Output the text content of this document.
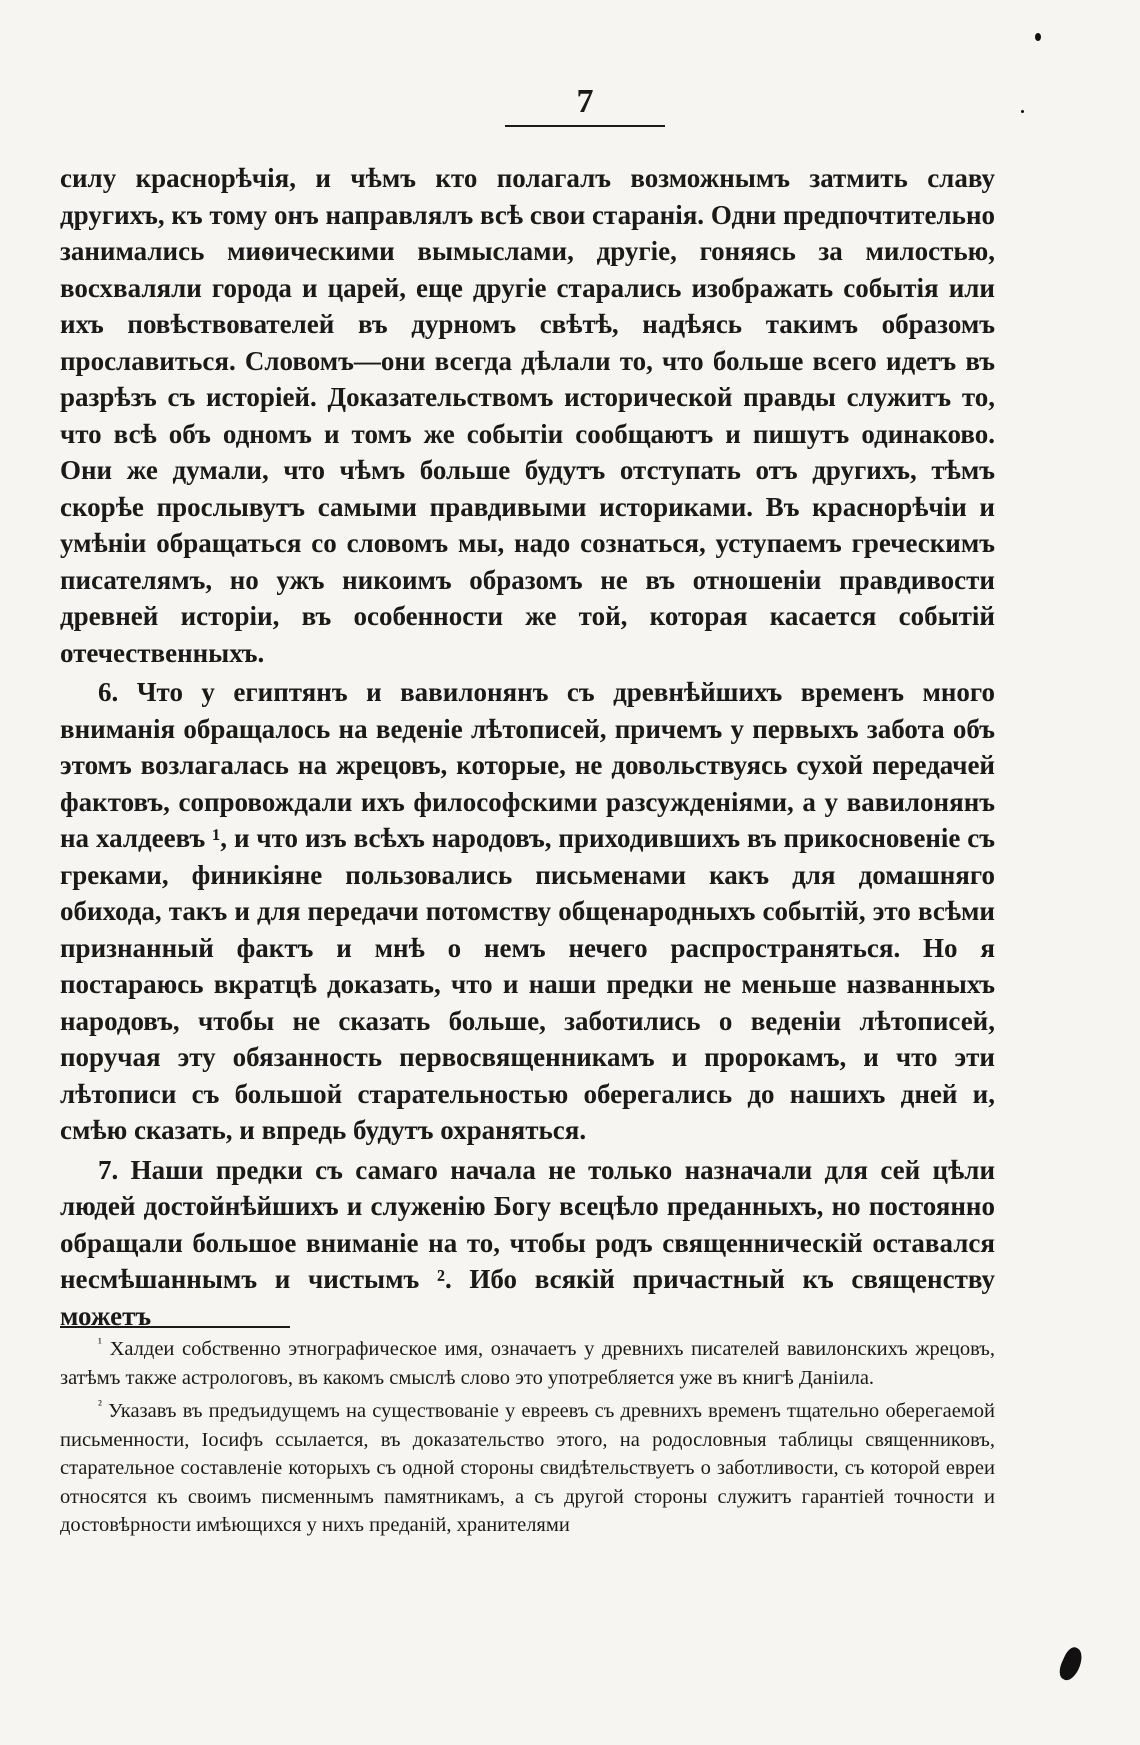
7

силу краснорѣчія, и чѣмъ кто полагалъ возможнымъ затмить славу другихъ, къ тому онъ направлялъ всѣ свои старанія. Одни предпочтительно занимались миѳическими вымыслами, другіе, гоняясь за милостью, восхваляли города и царей, еще другіе старались изображать событія или ихъ повѣствователей въ дурномъ свѣтѣ, надѣясь такимъ образомъ прославиться. Словомъ—они всегда дѣлали то, что больше всего идетъ въ разрѣзъ съ исторіей. Доказательствомъ исторической правды служитъ то, что всѣ объ одномъ и томъ же событіи сообщаютъ и пишутъ одинаково. Они же думали, что чѣмъ больше будутъ отступать отъ другихъ, тѣмъ скорѣе прослывутъ самыми правдивыми историками. Въ краснорѣчіи и умѣніи обращаться со словомъ мы, надо сознаться, уступаемъ греческимъ писателямъ, но ужъ никоимъ образомъ не въ отношеніи правдивости древней исторіи, въ особенности же той, которая касается событій отечественныхъ.

6. Что у египтянъ и вавилонянъ съ древнѣйшихъ временъ много вниманія обращалось на веденіе лѣтописей, причемъ у первыхъ забота объ этомъ возлагалась на жрецовъ, которые, не довольствуясь сухой передачей фактовъ, сопровождали ихъ философскими разсужденіями, а у вавилонянъ на халдеевъ ¹, и что изъ всѣхъ народовъ, приходившихъ въ прикосновеніе съ греками, финикіяне пользовались письменами какъ для домашняго обихода, такъ и для передачи потомству общенародныхъ событій, это всѣми признанный фактъ и мнѣ о немъ нечего распространяться. Но я постараюсь вкратцѣ доказать, что и наши предки не меньше названныхъ народовъ, чтобы не сказать больше, заботились о веденіи лѣтописей, поручая эту обязанность первосвященникамъ и пророкамъ, и что эти лѣтописи съ большой старательностью оберегались до нашихъ дней и, смѣю сказать, и впредь будутъ охраняться.

7. Наши предки съ самаго начала не только назначали для сей цѣли людей достойнѣйшихъ и служенію Богу всецѣло преданныхъ, но постоянно обращали большое вниманіе на то, чтобы родъ священническій оставался несмѣшаннымъ и чистымъ ². Ибо всякій причастный къ священству можетъ

$^{^1}$ Халдеи собственно этнографическое имя, означаетъ у древнихъ писателей вавилонскихъ жрецовъ, затѣмъ также астрологовъ, въ какомъ смыслѣ слово это употребляется уже въ книгѣ Даніила.

$^{^2}$ Указавъ въ предъидущемъ на существованіе у евреевъ съ древнихъ временъ тщательно оберегаемой письменности, Іосифъ ссылается, въ доказательство этого, на родословныя таблицы священниковъ, старательное составленіе которыхъ съ одной стороны свидѣтельствуетъ о заботливости, съ которой евреи относятся къ своимъ писменнымъ памятникамъ, а съ другой стороны служитъ гарантіей точности и достовѣрности имѣющихся у нихъ преданій, хранителями
